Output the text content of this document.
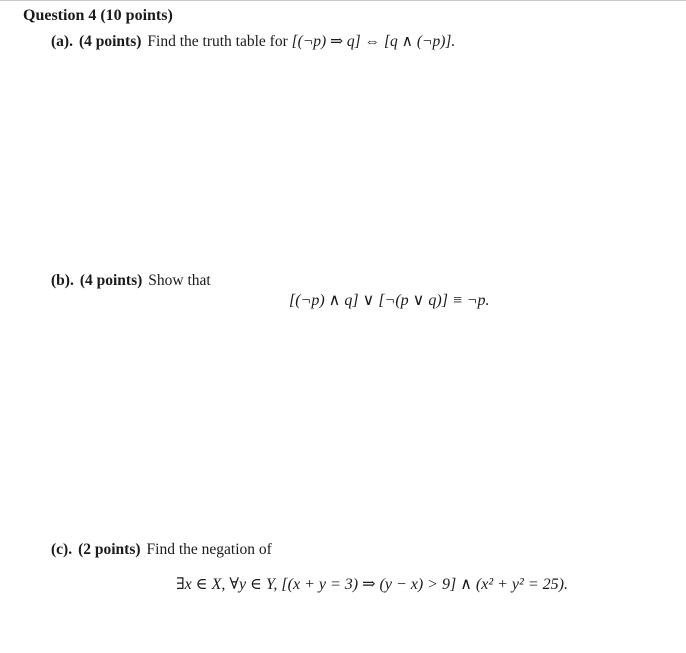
Question 4 (10 points)
(a). (4 points) Find the truth table for [(¬p) ⇒ q] ⇔ [q ∧ (¬p)].
(b). (4 points) Show that
[(¬p) ∧ q] ∨ [¬(p ∨ q)] ≡ ¬p.
(c). (2 points) Find the negation of
∃x ∈ X, ∀y ∈ Y, [(x + y = 3) ⇒ (y − x) > 9] ∧ (x² + y² = 25).
